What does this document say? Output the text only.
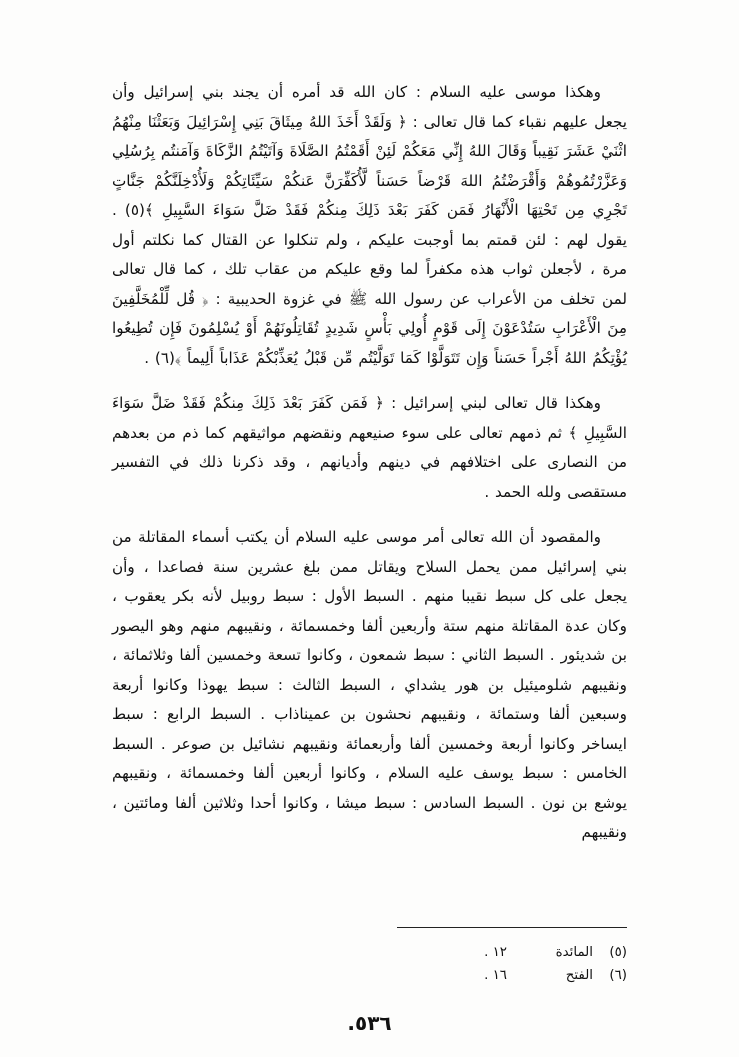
وهكذا موسى عليه السلام : كان الله قد أمره أن يجند بني إسرائيل وأن يجعل عليهم نقباء كما قال تعالى : ﴿ وَلَقَدْ أَخَذَ اللهُ مِيثَاقَ بَنِي إِسْرَائِيلَ وَبَعَثْنَا مِنْهُمُ اثْنَيْ عَشَرَ نَقِيباً وَقَالَ اللهُ إِنِّي مَعَكُمْ لَئِنْ أَقَمْتُمُ الصَّلَاةَ وَآتَيْتُمُ الزَّكَاةَ وَآمَنتُم بِرُسُلِي وَعَزَّرْتُمُوهُمْ وَأَقْرَضْتُمُ اللهَ قَرْضاً حَسَناً لَّأُكَفِّرَنَّ عَنكُمْ سَيِّئَاتِكُمْ وَلَأُدْخِلَنَّكُمْ جَنَّاتٍ تَجْرِي مِن تَحْتِهَا الْأَنْهَارُ فَمَن كَفَرَ بَعْدَ ذَلِكَ مِنكُمْ فَقَدْ ضَلَّ سَوَاءَ السَّبِيلِ ﴾(٥) . يقول لهم : لئن قمتم بما أوجبت عليكم ، ولم تنكلوا عن القتال كما نكلتم أول مرة ، لأجعلن ثواب هذه مكفراً لما وقع عليكم من عقاب تلك ، كما قال تعالى لمن تخلف من الأعراب عن رسول الله ﷺ في غزوة الحديبية : ﴿ قُل لِّلْمُخَلَّفِينَ مِنَ الْأَعْرَابِ سَتُدْعَوْنَ إِلَى قَوْمٍ أُولِي بَأْسٍ شَدِيدٍ تُقَاتِلُونَهُمْ أَوْ يُسْلِمُونَ فَإِن تُطِيعُوا يُؤْتِكُمُ اللهُ أَجْراً حَسَناً وَإِن تَتَوَلَّوْا كَمَا تَوَلَّيْتُم مِّن قَبْلُ يُعَذِّبْكُمْ عَذَاباً أَلِيماً ﴾(٦) .

وهكذا قال تعالى لبني إسرائيل : ﴿ فَمَن كَفَرَ بَعْدَ ذَلِكَ مِنكُمْ فَقَدْ ضَلَّ سَوَاءَ السَّبِيلِ ﴾ ثم ذمهم تعالى على سوء صنيعهم ونقضهم مواثيقهم كما ذم من بعدهم من النصارى على اختلافهم في دينهم وأديانهم ، وقد ذكرنا ذلك في التفسير مستقصى ولله الحمد .

والمقصود أن الله تعالى أمر موسى عليه السلام أن يكتب أسماء المقاتلة من بني إسرائيل ممن يحمل السلاح ويقاتل ممن بلغ عشرين سنة فصاعدا ، وأن يجعل على كل سبط نقيبا منهم . السبط الأول : سبط روبيل لأنه بكر يعقوب ، وكان عدة المقاتلة منهم ستة وأربعين ألفا وخمسمائة ، ونقيبهم منهم وهو اليصور بن شديئور . السبط الثاني : سبط شمعون ، وكانوا تسعة وخمسين ألفا وثلاثمائة ، ونقيبهم شلوميئيل بن هور يشداي ، السبط الثالث : سبط يهوذا وكانوا أربعة وسبعين ألفا وستمائة ، ونقيبهم نحشون بن عميناذاب . السبط الرابع : سبط ايساخر وكانوا أربعة وخمسين ألفا وأربعمائة ونقيبهم نشائيل بن صوعر . السبط الخامس : سبط يوسف عليه السلام ، وكانوا أربعين ألفا وخمسمائة ، ونقيبهم يوشع بن نون . السبط السادس : سبط ميشا ، وكانوا أحدا وثلاثين ألفا ومائتين ، ونقيبهم

(٥)
المائدة
١٢ .
(٦)
الفتح
١٦ .
٥٣٦.
